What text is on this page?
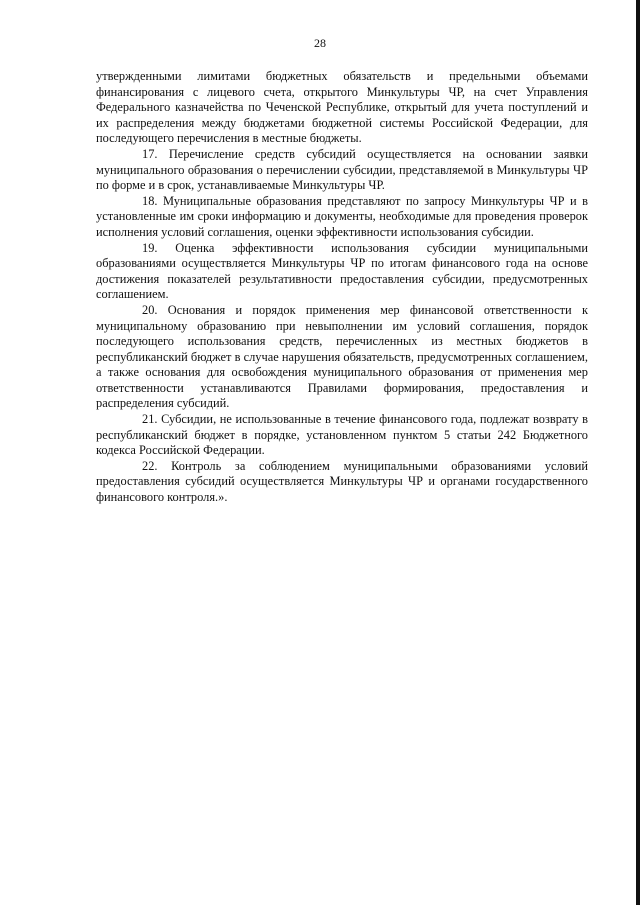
28

утвержденными лимитами бюджетных обязательств и предельными объемами финансирования с лицевого счета, открытого Минкультуры ЧР, на счет Управления Федерального казначейства по Чеченской Республике, открытый для учета поступлений и их распределения между бюджетами бюджетной системы Российской Федерации, для последующего перечисления в местные бюджеты.

17. Перечисление средств субсидий осуществляется на основании заявки муниципального образования о перечислении субсидии, представляемой в Минкультуры ЧР по форме и в срок, устанавливаемые Минкультуры ЧР.

18. Муниципальные образования представляют по запросу Минкультуры ЧР и в установленные им сроки информацию и документы, необходимые для проведения проверок исполнения условий соглашения, оценки эффективности использования субсидии.

19. Оценка эффективности использования субсидии муниципальными образованиями осуществляется Минкультуры ЧР по итогам финансового года на основе достижения показателей результативности предоставления субсидии, предусмотренных соглашением.

20. Основания и порядок применения мер финансовой ответственности к муниципальному образованию при невыполнении им условий соглашения, порядок последующего использования средств, перечисленных из местных бюджетов в республиканский бюджет в случае нарушения обязательств, предусмотренных соглашением, а также основания для освобождения муниципального образования от применения мер ответственности устанавливаются Правилами формирования, предоставления и распределения субсидий.

21. Субсидии, не использованные в течение финансового года, подлежат возврату в республиканский бюджет в порядке, установленном пунктом 5 статьи 242 Бюджетного кодекса Российской Федерации.

22. Контроль за соблюдением муниципальными образованиями условий предоставления субсидий осуществляется Минкультуры ЧР и органами государственного финансового контроля.».
